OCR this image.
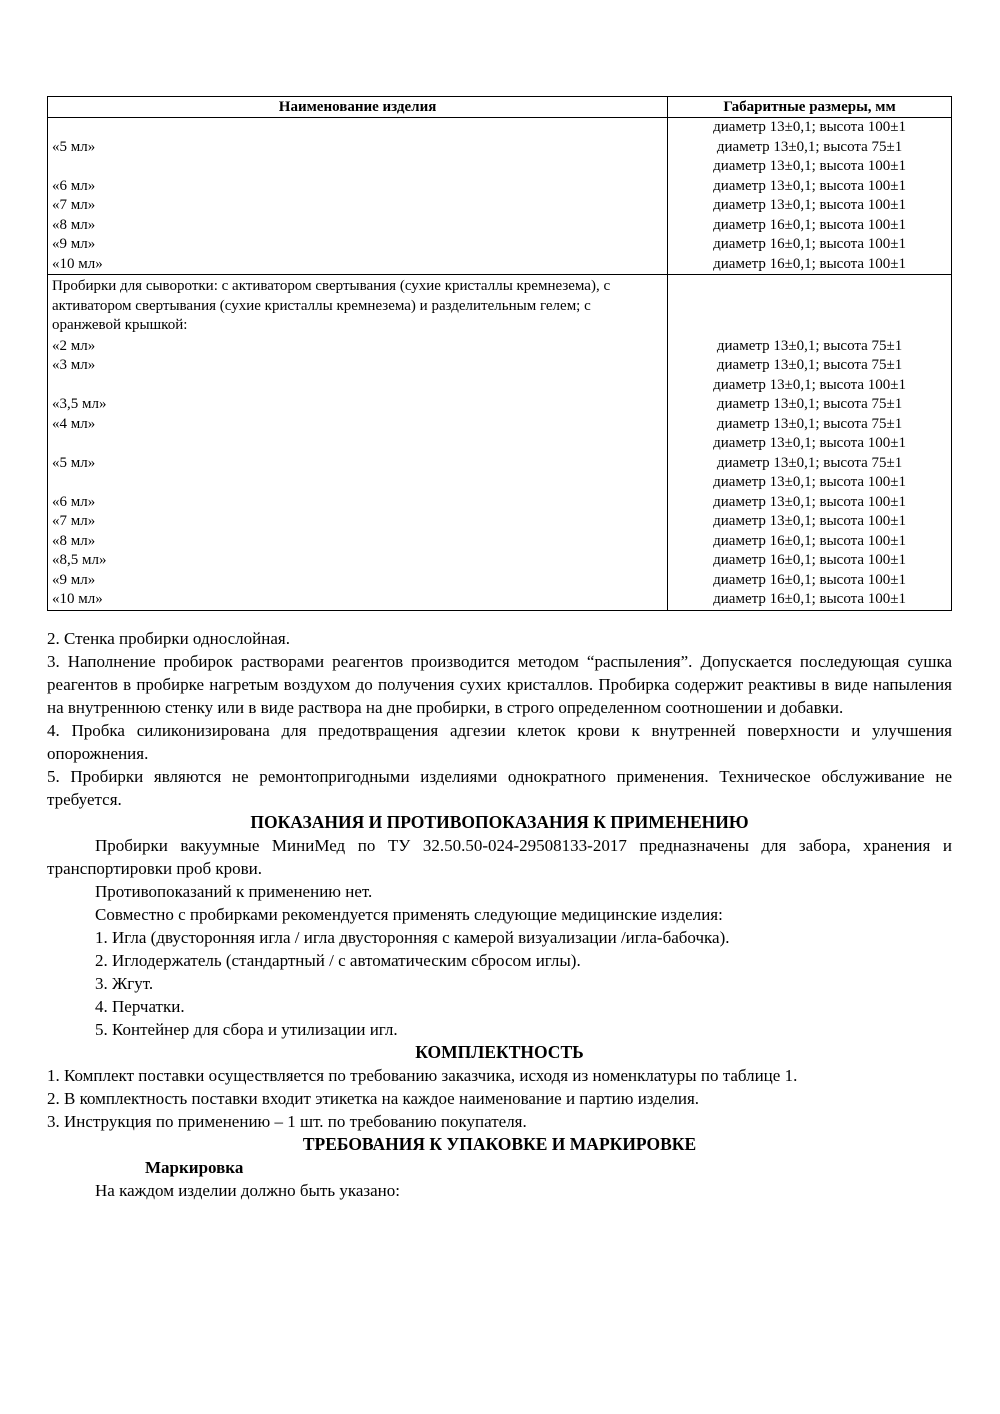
Наименование изделия	Габаритные размеры, мм
	диаметр 13±0,1; высота 100±1
«5 мл»	диаметр 13±0,1; высота 75±1
	диаметр 13±0,1; высота 100±1
«6 мл»	диаметр 13±0,1; высота 100±1
«7 мл»	диаметр 13±0,1; высота 100±1
«8 мл»	диаметр 16±0,1; высота 100±1
«9 мл»	диаметр 16±0,1; высота 100±1
«10 мл»	диаметр 16±0,1; высота 100±1
Пробирки для сыворотки: с активатором свертывания (сухие кристаллы кремнезема), с активатором свертывания (сухие кристаллы кремнезема) и разделительным гелем; с оранжевой крышкой:	
«2 мл»	диаметр 13±0,1; высота 75±1
«3 мл»	диаметр 13±0,1; высота 75±1
	диаметр 13±0,1; высота 100±1
«3,5 мл»	диаметр 13±0,1; высота 75±1
«4 мл»	диаметр 13±0,1; высота 75±1
	диаметр 13±0,1; высота 100±1
«5 мл»	диаметр 13±0,1; высота 75±1
	диаметр 13±0,1; высота 100±1
«6 мл»	диаметр 13±0,1; высота 100±1
«7 мл»	диаметр 13±0,1; высота 100±1
«8 мл»	диаметр 16±0,1; высота 100±1
«8,5 мл»	диаметр 16±0,1; высота 100±1
«9 мл»	диаметр 16±0,1; высота 100±1
«10 мл»	диаметр 16±0,1; высота 100±1

2. Стенка пробирки однослойная.

3. Наполнение пробирок растворами реагентов производится методом “распыления”. Допускается последующая сушка реагентов в пробирке нагретым воздухом до получения сухих кристаллов. Пробирка содержит реактивы в виде напыления на внутреннюю стенку или в виде раствора на дне пробирки, в строго определенном соотношении и добавки.

4. Пробка силиконизирована для предотвращения адгезии клеток крови к внутренней поверхности и улучшения опорожнения.

5. Пробирки являются не ремонтопригодными изделиями однократного применения. Техническое обслуживание не требуется.

ПОКАЗАНИЯ И ПРОТИВОПОКАЗАНИЯ К ПРИМЕНЕНИЮ

Пробирки вакуумные МиниМед по ТУ 32.50.50-024-29508133-2017 предназначены для забора, хранения и транспортировки проб крови.

Противопоказаний к применению нет.

Совместно с пробирками рекомендуется применять следующие медицинские изделия:

1. Игла (двусторонняя игла / игла двусторонняя с камерой визуализации /игла-бабочка).

2. Иглодержатель (стандартный / с автоматическим сбросом иглы).

3. Жгут.

4. Перчатки.

5. Контейнер для сбора и утилизации игл.

КОМПЛЕКТНОСТЬ

1. Комплект поставки осуществляется по требованию заказчика, исходя из номенклатуры по таблице 1.

2. В комплектность поставки входит этикетка на каждое наименование и партию изделия.

3. Инструкция по применению – 1 шт. по требованию покупателя.

ТРЕБОВАНИЯ К УПАКОВКЕ И МАРКИРОВКЕ

Маркировка

На каждом изделии должно быть указано:
